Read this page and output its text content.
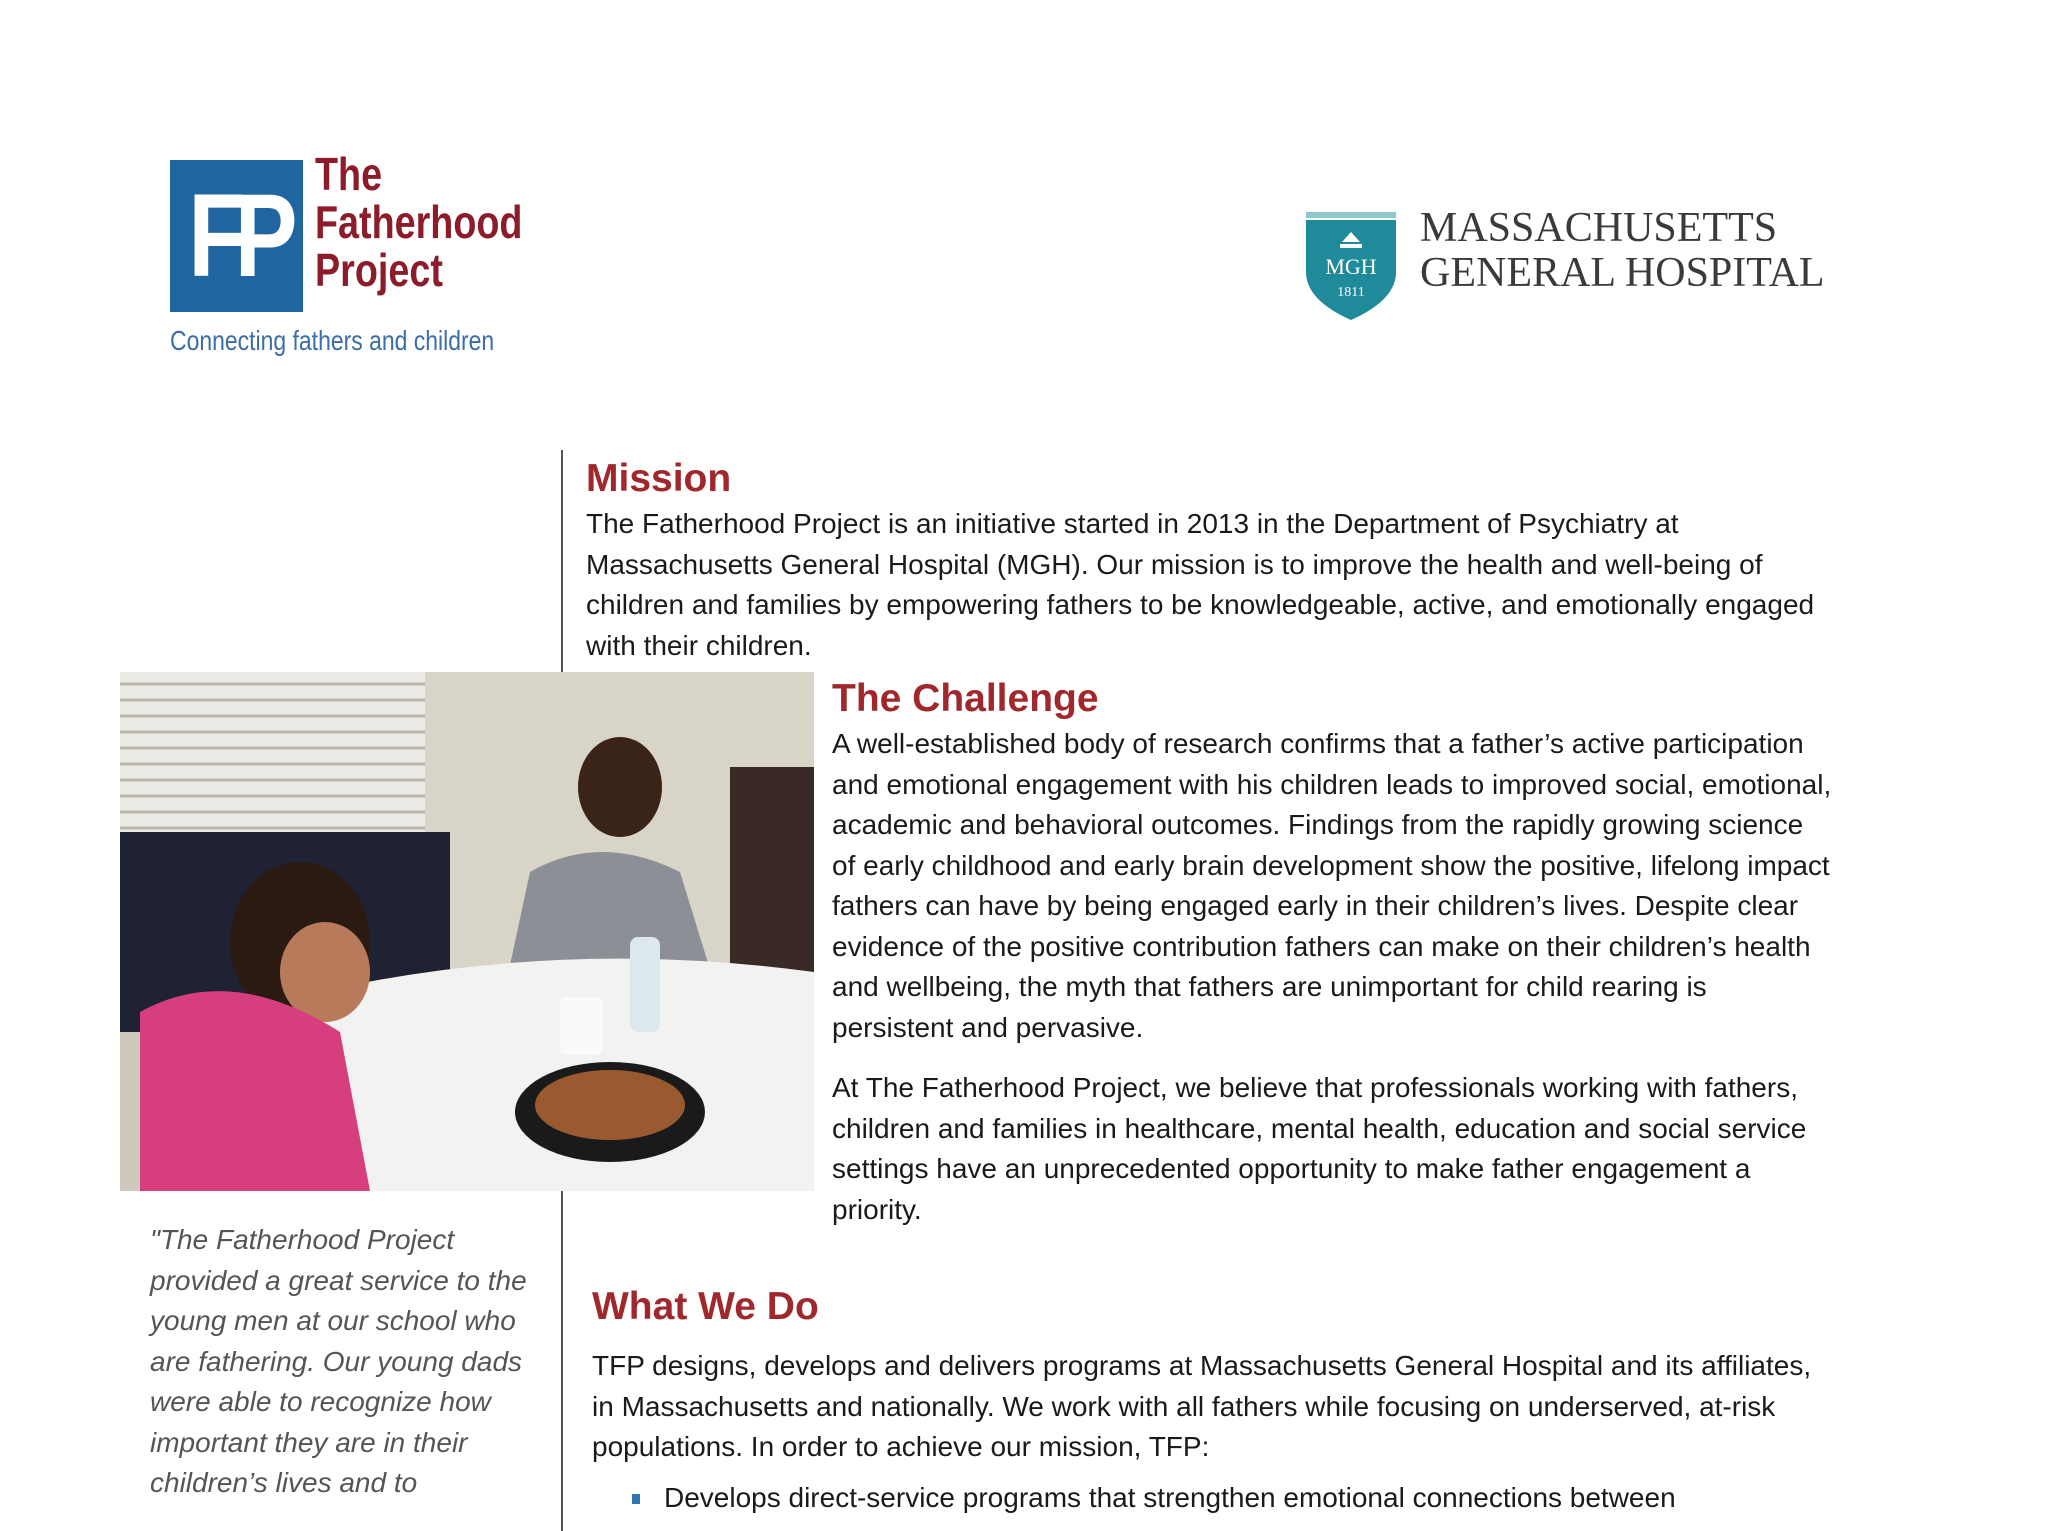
FP The
Fatherhood
Project
Connecting fathers and children
MGH
1811
MASSACHUSETTS
GENERAL HOSPITAL
Mission

The Fatherhood Project is an initiative started in 2013 in the Department of Psychiatry at Massachusetts General Hospital (MGH). Our mission is to improve the health and well-being of children and families by empowering fathers to be knowledgeable, active, and emotionally engaged with their children.

The Challenge

A well-established body of research confirms that a father’s active participation and emotional engagement with his children leads to improved social, emotional, academic and behavioral outcomes. Findings from the rapidly growing science of early childhood and early brain development show the positive, lifelong impact fathers can have by being engaged early in their children’s lives. Despite clear evidence of the positive contribution fathers can make on their children’s health and wellbeing, the myth that fathers are unimportant for child rearing is persistent and pervasive.

At The Fatherhood Project, we believe that professionals working with fathers, children and families in healthcare, mental health, education and social service settings have an unprecedented opportunity to make father engagement a priority.

"The Fatherhood Project provided a great service to the young men at our school who are fathering. Our young dads were able to recognize how important they are in their children’s lives and to
What We Do

TFP designs, develops and delivers programs at Massachusetts General Hospital and its affiliates, in Massachusetts and nationally. We work with all fathers while focusing on underserved, at-risk populations. In order to achieve our mission, TFP:

Develops direct-service programs that strengthen emotional connections between
